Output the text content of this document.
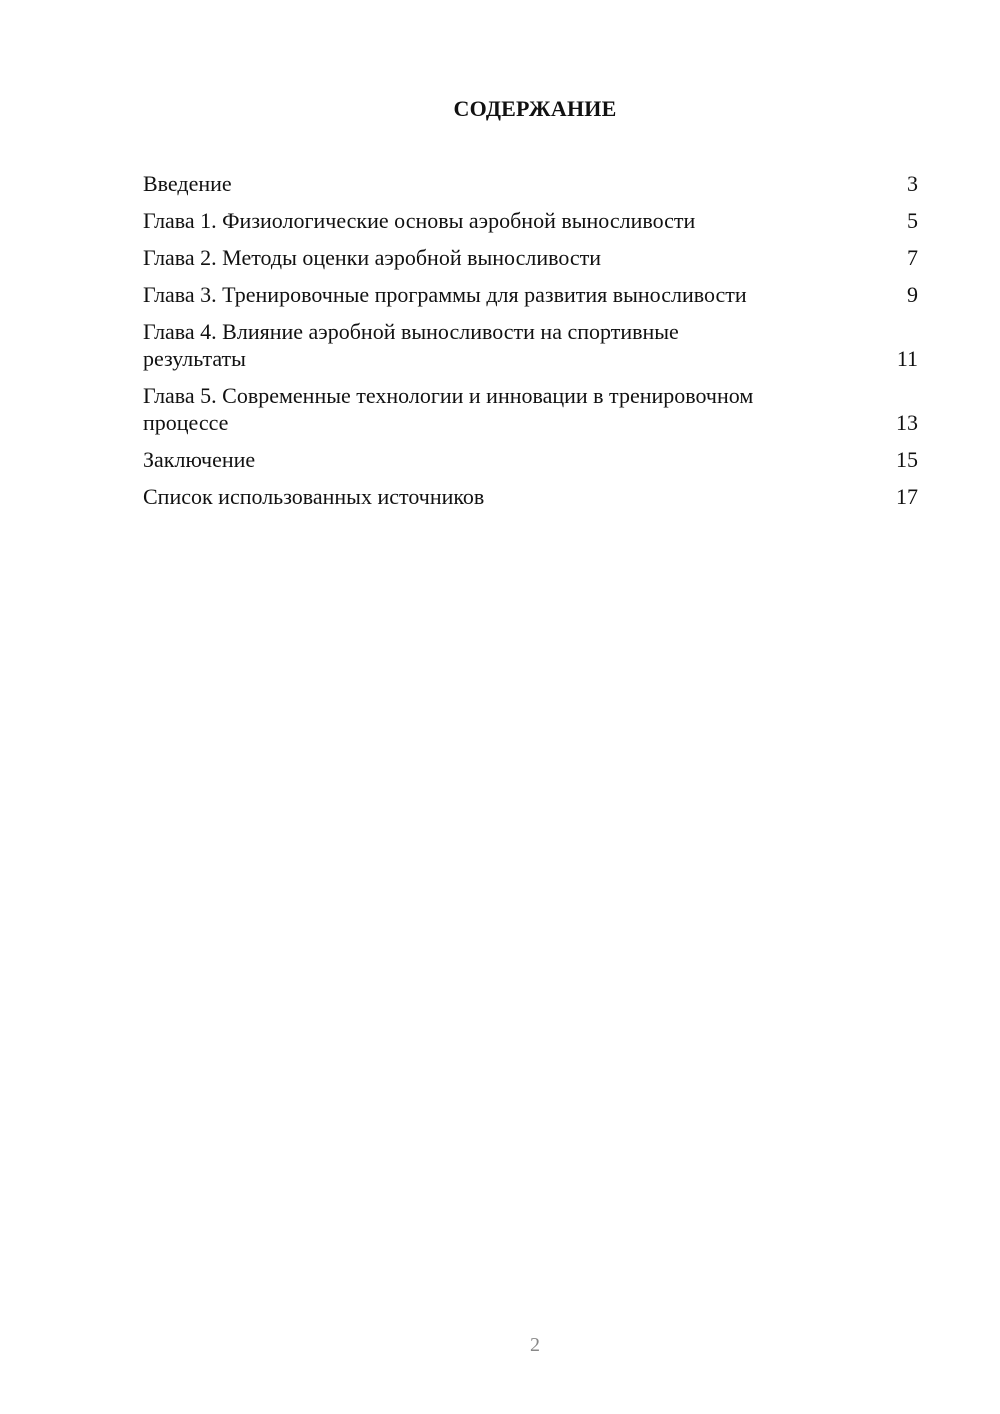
СОДЕРЖАНИЕ
Введение	3
Глава 1. Физиологические основы аэробной выносливости	5
Глава 2. Методы оценки аэробной выносливости	7
Глава 3. Тренировочные программы для развития выносливости	9
Глава 4. Влияние аэробной выносливости на спортивные результаты	11
Глава 5. Современные технологии и инновации в тренировочном процессе	13
Заключение	15
Список использованных источников	17
2
